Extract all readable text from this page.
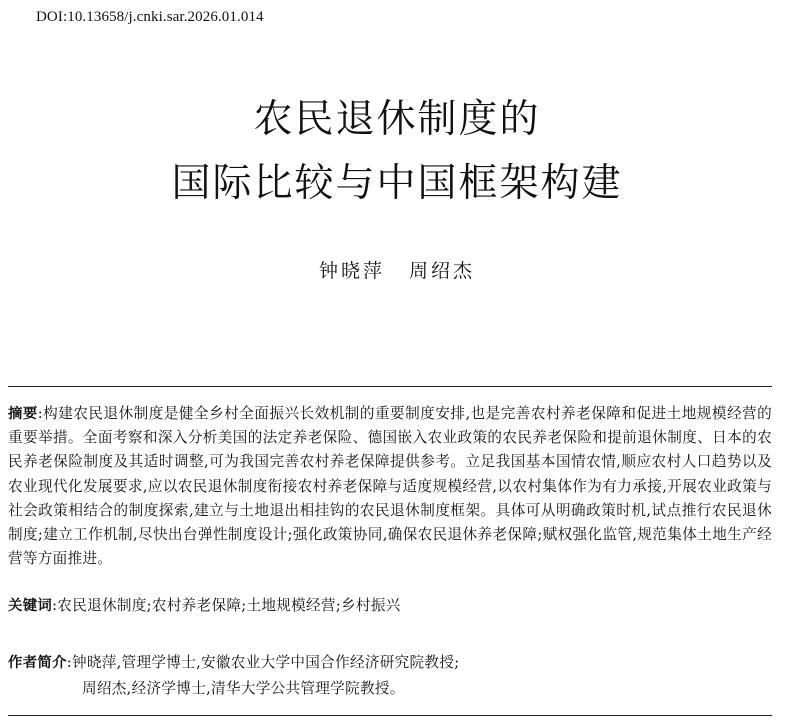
DOI:10.13658/j.cnki.sar.2026.01.014
农民退休制度的
国际比较与中国框架构建
钟晓萍 周绍杰
摘要:构建农民退休制度是健全乡村全面振兴长效机制的重要制度安排,也是完善农村养老保障和促进土地规模经营的重要举措。全面考察和深入分析美国的法定养老保险、德国嵌入农业政策的农民养老保险和提前退休制度、日本的农民养老保险制度及其适时调整,可为我国完善农村养老保障提供参考。立足我国基本国情农情,顺应农村人口趋势以及农业现代化发展要求,应以农民退休制度衔接农村养老保障与适度规模经营,以农村集体作为有力承接,开展农业政策与社会政策相结合的制度探索,建立与土地退出相挂钩的农民退休制度框架。具体可从明确政策时机,试点推行农民退休制度;建立工作机制,尽快出台弹性制度设计;强化政策协同,确保农民退休养老保障;赋权强化监管,规范集体土地生产经营等方面推进。
关键词:农民退休制度;农村养老保障;土地规模经营;乡村振兴
作者简介:钟晓萍,管理学博士,安徽农业大学中国合作经济研究院教授;
周绍杰,经济学博士,清华大学公共管理学院教授。
